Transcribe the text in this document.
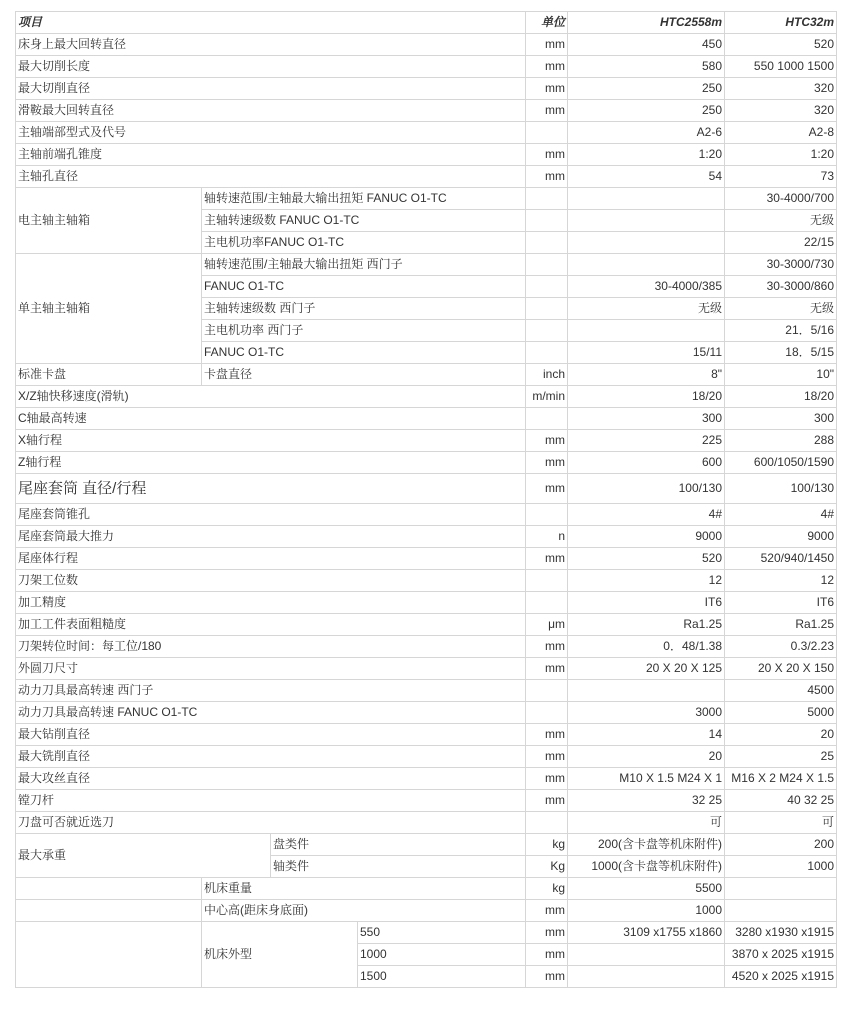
项目				单位	HTC2558m	HTC32m
床身上最大回转直径				mm	450	520
最大切削长度				mm	580	550 1000 1500
最大切削直径				mm	250	320
滑鞍最大回转直径				mm	250	320
主轴端部型式及代号					A2-6	A2-8
主轴前端孔锥度				mm	1:20	1:20
主轴孔直径				mm	54	73
电主轴主轴箱	轴转速范围/主轴最大输出扭矩 FANUC O1-TC					30-4000/700
	主轴转速级数 FANUC O1-TC					无级
	主电机功率FANUC O1-TC					22/15
单主轴主轴箱	轴转速范围/主轴最大输出扭矩 西门子					30-3000/730
	FANUC O1-TC				30-4000/385	30-3000/860
	主轴转速级数 西门子				无级	无级
	主电机功率 西门子					21．5/16
	FANUC O1-TC				15/11	18．5/15
标准卡盘	卡盘直径			inch	8"	10"
X/Z轴快移速度(滑轨)				m/min	18/20	18/20
C轴最高转速					300	300
X轴行程				mm	225	288
Z轴行程				mm	600	600/1050/1590
尾座套筒 直径/行程				mm	100/130	100/130
尾座套筒锥孔					4#	4#
尾座套筒最大推力				n	9000	9000
尾座体行程				mm	520	520/940/1450
刀架工位数					12	12
加工精度					IT6	IT6
加工工件表面粗糙度				μm	Ra1.25	Ra1.25
刀架转位时间：每工位/180				mm	0．48/1.38	0.3/2.23
外圆刀尺寸				mm	20 X 20 X 125	20 X 20 X 150
动力刀具最高转速 西门子						4500
动力刀具最高转速 FANUC O1-TC					3000	5000
最大钻削直径				mm	14	20
最大铣削直径				mm	20	25
最大攻丝直径				mm	M10 X 1.5 M24 X 1	M16 X 2 M24 X 1.5
镗刀杆				mm	32 25	40 32 25
刀盘可否就近选刀					可	可
最大承重		盘类件		kg	200(含卡盘等机床附件)	200
		轴类件		Kg	1000(含卡盘等机床附件)	1000
	机床重量			kg	5500	
	中心高(距床身底面)			mm	1000	
	机床外型		550	mm	3109 x1755 x1860	3280 x1930 x1915
			1000	mm		3870 x 2025 x1915
			1500	mm		4520 x 2025 x1915
